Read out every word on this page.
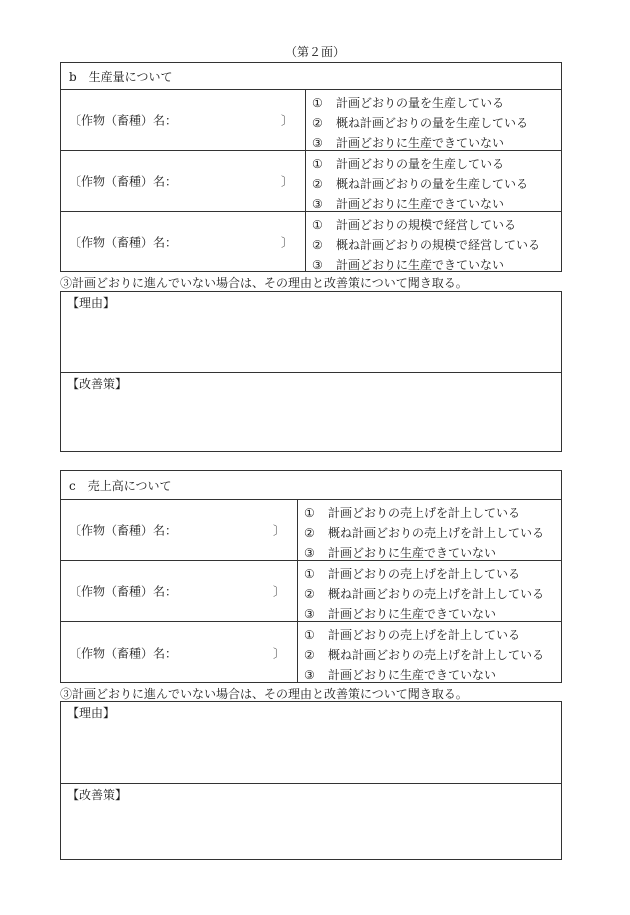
（第２面）
b　生産量について
〔作物（畜種）名：	〕
① 計画どおりの量を生産している
② 概ね計画どおりの量を生産している
③ 計画どおりに生産できていない
〔作物（畜種）名：	〕
① 計画どおりの量を生産している
② 概ね計画どおりの量を生産している
③ 計画どおりに生産できていない
〔作物（畜種）名：	〕
① 計画どおりの規模で経営している
② 概ね計画どおりの規模で経営している
③ 計画どおりに生産できていない
③計画どおりに進んでいない場合は、その理由と改善策について聞き取る。
【理由】
【改善策】
c　売上高について
〔作物（畜種）名：	〕
① 計画どおりの売上げを計上している
② 概ね計画どおりの売上げを計上している
③ 計画どおりに生産できていない
〔作物（畜種）名：	〕
① 計画どおりの売上げを計上している
② 概ね計画どおりの売上げを計上している
③ 計画どおりに生産できていない
〔作物（畜種）名：	〕
① 計画どおりの売上げを計上している
② 概ね計画どおりの売上げを計上している
③ 計画どおりに生産できていない
③計画どおりに進んでいない場合は、その理由と改善策について聞き取る。
【理由】
【改善策】
